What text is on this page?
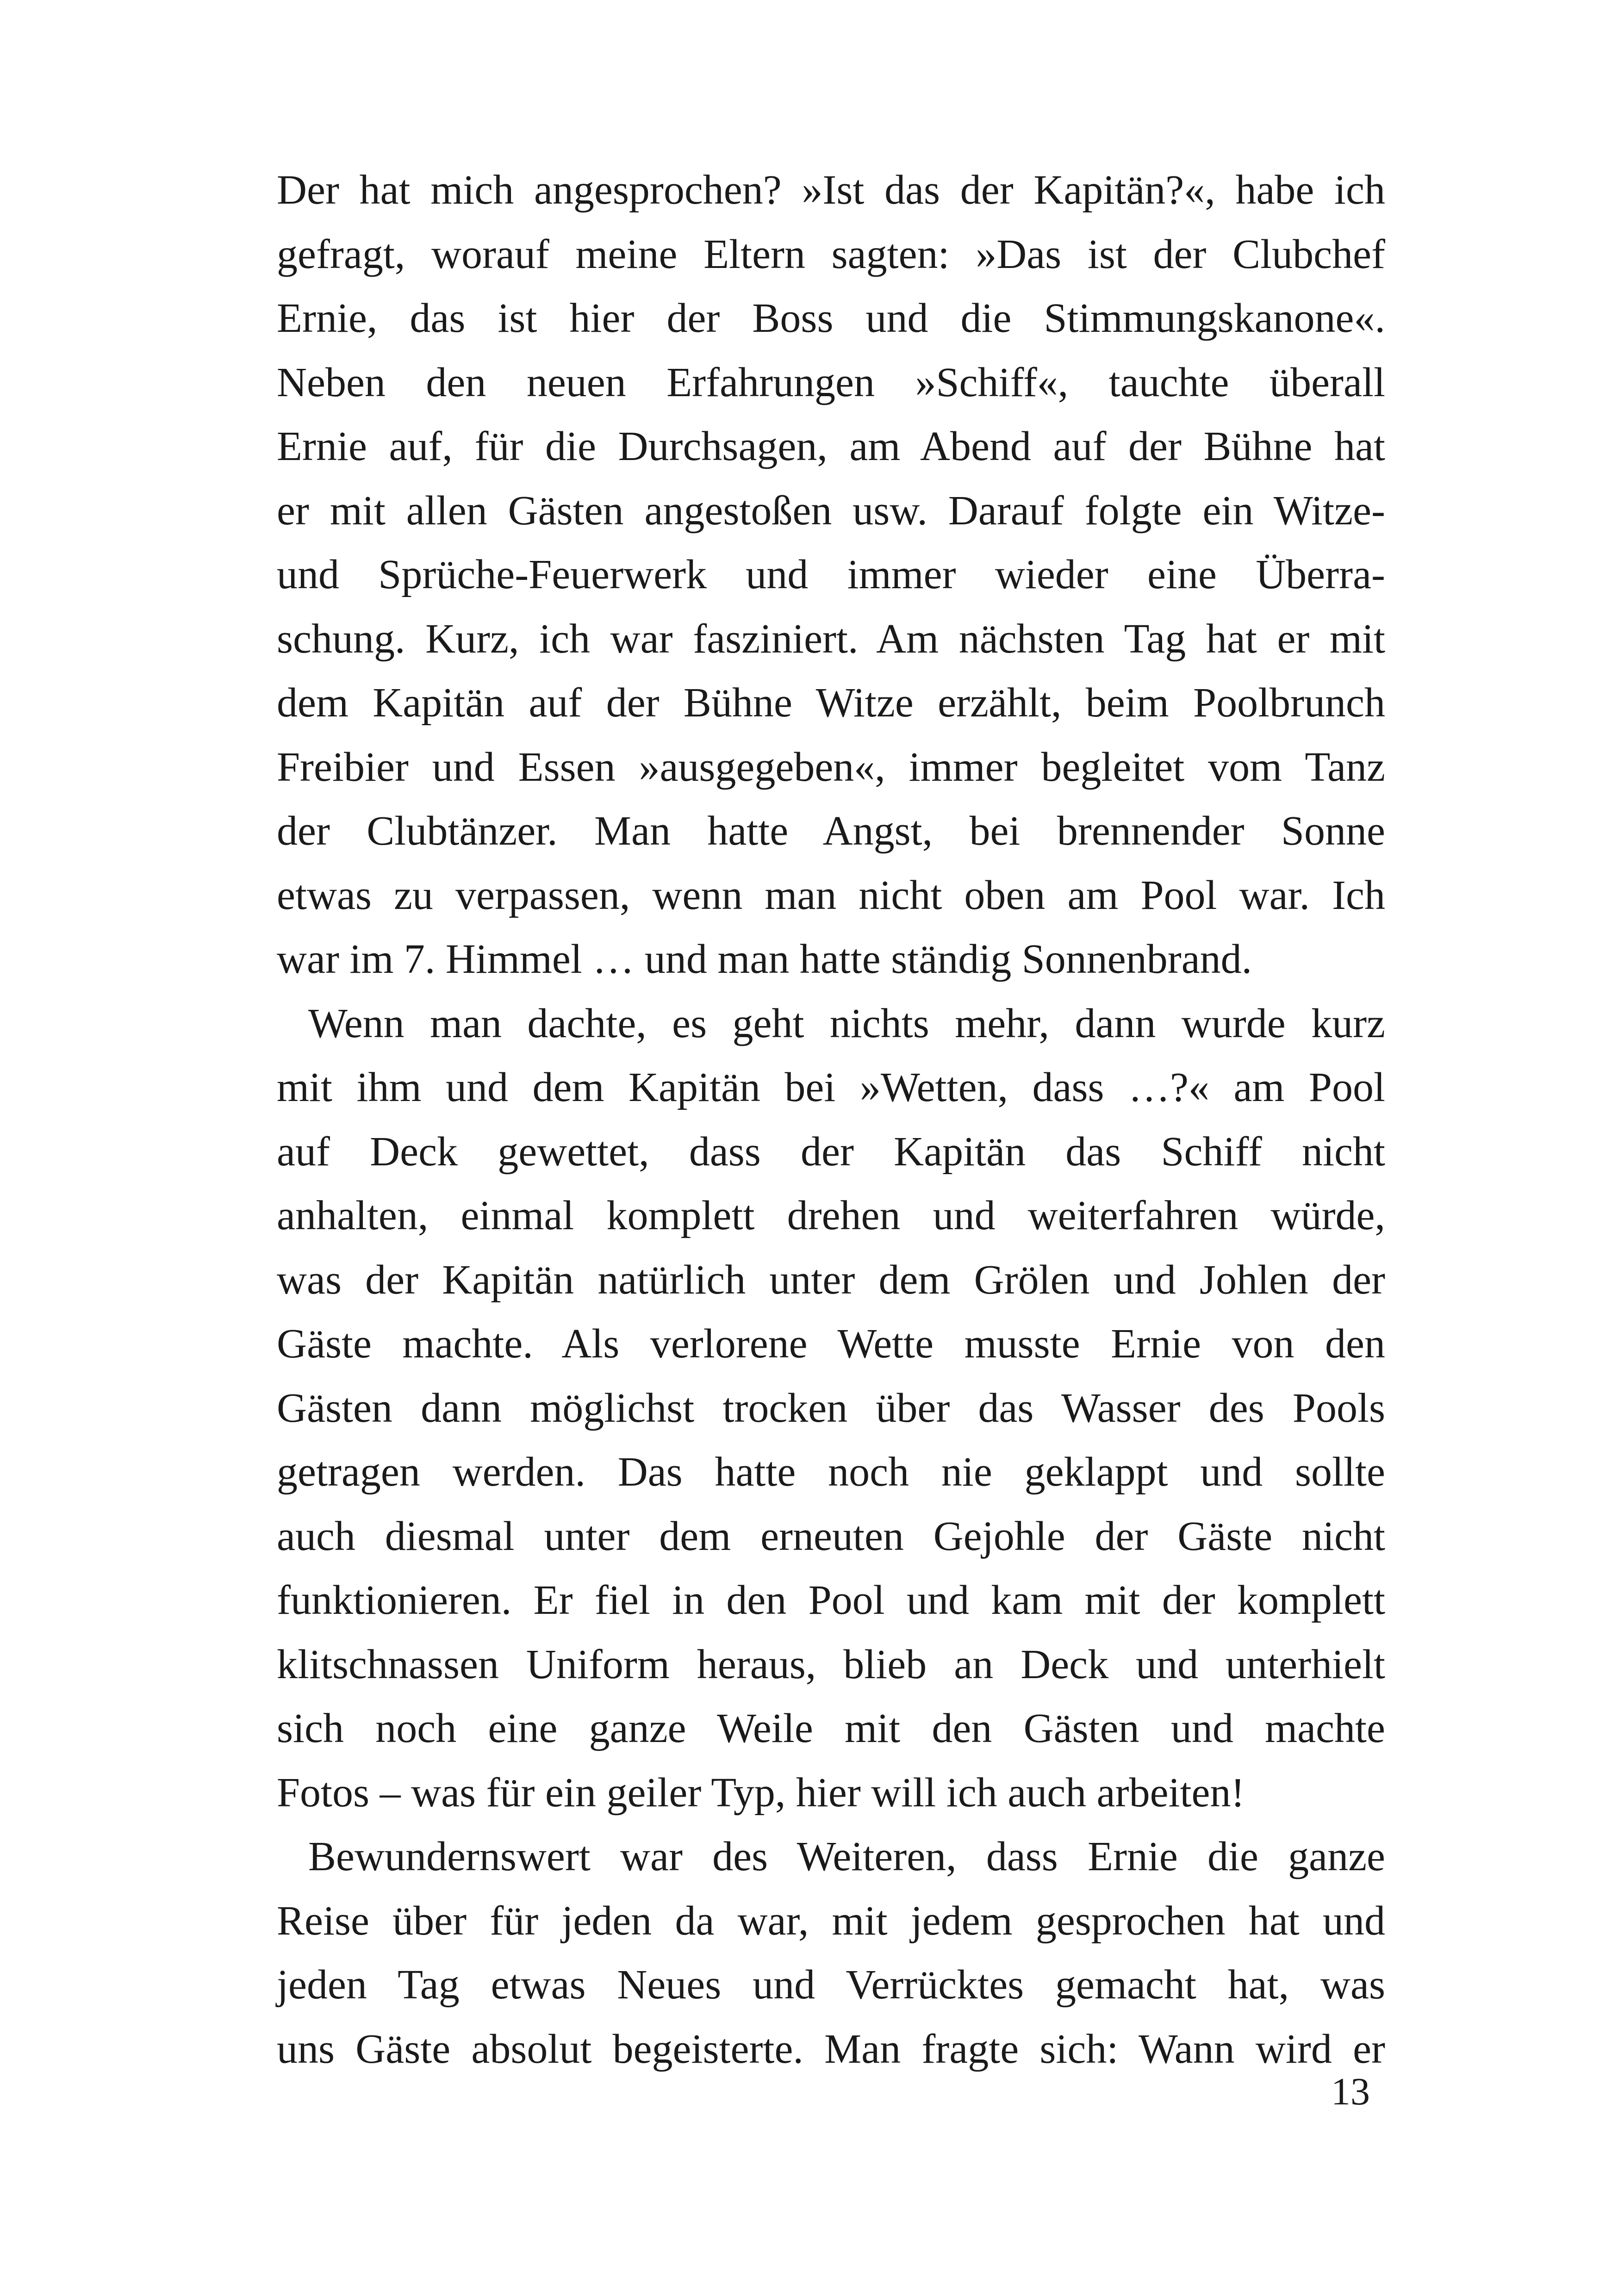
Der hat mich angesprochen? »Ist das der Kapitän?«, habe ich
gefragt, worauf meine Eltern sagten: »Das ist der Clubchef
Ernie, das ist hier der Boss und die Stimmungskanone«.
Neben den neuen Erfahrungen »Schiff«, tauchte überall
Ernie auf, für die Durchsagen, am Abend auf der Bühne hat
er mit allen Gästen angestoßen usw. Darauf folgte ein Witze-
und Sprüche-Feuerwerk und immer wieder eine Überra-
schung. Kurz, ich war fasziniert. Am nächsten Tag hat er mit
dem Kapitän auf der Bühne Witze erzählt, beim Poolbrunch
Freibier und Essen »ausgegeben«, immer begleitet vom Tanz
der Clubtänzer. Man hatte Angst, bei brennender Sonne
etwas zu verpassen, wenn man nicht oben am Pool war. Ich
war im 7. Himmel … und man hatte ständig Sonnenbrand.
Wenn man dachte, es geht nichts mehr, dann wurde kurz
mit ihm und dem Kapitän bei »Wetten, dass …?« am Pool
auf Deck gewettet, dass der Kapitän das Schiff nicht
anhalten, einmal komplett drehen und weiterfahren würde,
was der Kapitän natürlich unter dem Grölen und Johlen der
Gäste machte. Als verlorene Wette musste Ernie von den
Gästen dann möglichst trocken über das Wasser des Pools
getragen werden. Das hatte noch nie geklappt und sollte
auch diesmal unter dem erneuten Gejohle der Gäste nicht
funktionieren. Er fiel in den Pool und kam mit der komplett
klitschnassen Uniform heraus, blieb an Deck und unterhielt
sich noch eine ganze Weile mit den Gästen und machte
Fotos – was für ein geiler Typ, hier will ich auch arbeiten!
Bewundernswert war des Weiteren, dass Ernie die ganze
Reise über für jeden da war, mit jedem gesprochen hat und
jeden Tag etwas Neues und Verrücktes gemacht hat, was
uns Gäste absolut begeisterte. Man fragte sich: Wann wird er
13
